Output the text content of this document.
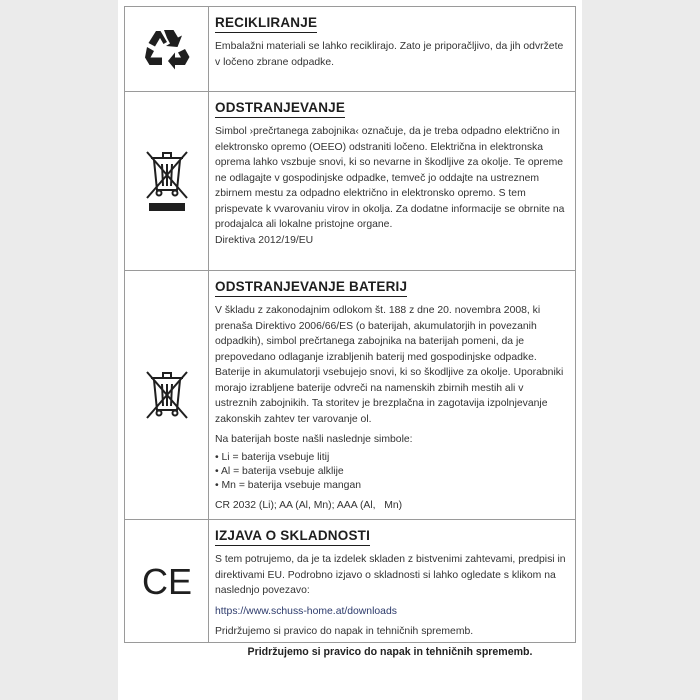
RECIKLIRANJE

Embalažni materiali se lahko reciklirajo. Zato je priporačljivo, da jih odvržete v ločeno zbrane odpadke.

ODSTRANJEVANJE

Simbol ›prečrtanega zabojnika‹ označuje, da je treba odpadno električno in elektronsko opremo (OEEO) odstraniti ločeno. Električna in elektronska oprema lahko vszbuje snovi, ki so nevarne in škodljive za okolje. Te opreme ne odlagajte v gospodinjske odpadke, temveč jo oddajte na ustreznem zbirnem mestu za odpadno električno in elektronsko opremo. S tem prispevate k vvarovaniu virov in okolja. Za dodatne informacije se obrnite na prodajalca ali lokalne pristojne organe.

Direktiva 2012/19/EU

ODSTRANJEVANJE BATERIJ

V škladu z zakonodajnim odlokom št. 188 z dne 20. novembra 2008, ki prenaša Direktivo 2006/66/ES (o baterijah, akumulatorjih in povezanih odpadkih), simbol prečrtanega zabojnika na baterijah pomeni, da je prepovedano odlaganje izrabljenih baterij med gospodinjske odpadke. Baterije in akumulatorji vsebujejo snovi, ki so škodljive za okolje. Uporabniki morajo izrabljene baterije odvreči na namenskih zbirnih mestih ali v ustreznih zabojnikih. Ta storitev je brezplačna in zagotavija izpolnjevanje zakonskih zahtev ter varovanje ol.

Na baterijah boste našli naslednje simbole:

• Li = baterija vsebuje litij
• Al = baterija vsebuje alklije
• Mn = baterija vsebuje mangan

CR 2032 (Li); AA (Al, Mn); AAA (Al,   Mn)

CE
IZJAVA O SKLADNOSTI

S tem potrujemo, da je ta izdelek skladen z bistvenimi zahtevami, predpisi in direktivami EU. Podrobno izjavo o skladnosti si lahko ogledate s klikom na naslednjo povezavo:

https://www.schuss-home.at/downloads

Pridržujemo si pravico do napak in tehničnih sprememb.

Pridržujemo si pravico do napak in tehničnih sprememb.
